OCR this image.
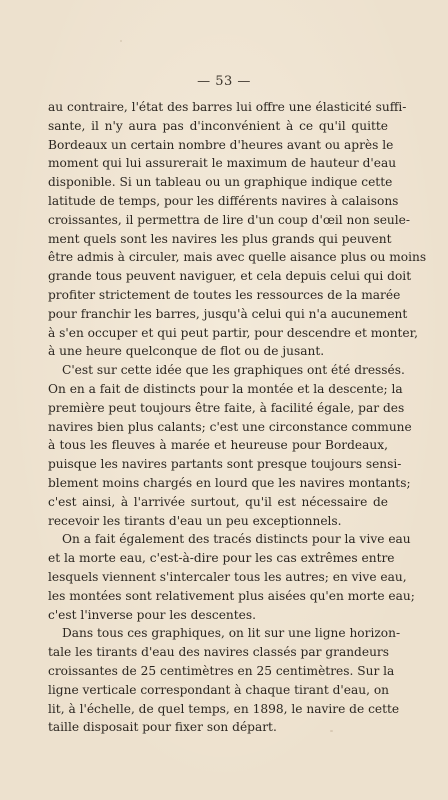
— 53 —
au contraire, l'état des barres lui offre une élasticité suffi-
sante, il n'y aura pas d'inconvénient à ce qu'il quitte
Bordeaux un certain nombre d'heures avant ou après le
moment qui lui assurerait le maximum de hauteur d'eau
disponible. Si un tableau ou un graphique indique cette
latitude de temps, pour les différents navires à calaisons
croissantes, il permettra de lire d'un coup d'œil non seule-
ment quels sont les navires les plus grands qui peuvent
être admis à circuler, mais avec quelle aisance plus ou moins
grande tous peuvent naviguer, et cela depuis celui qui doit
profiter strictement de toutes les ressources de la marée
pour franchir les barres, jusqu'à celui qui n'a aucunement
à s'en occuper et qui peut partir, pour descendre et monter,
à une heure quelconque de flot ou de jusant.
C'est sur cette idée que les graphiques ont été dressés.
On en a fait de distincts pour la montée et la descente; la
première peut toujours être faite, à facilité égale, par des
navires bien plus calants; c'est une circonstance commune
à tous les fleuves à marée et heureuse pour Bordeaux,
puisque les navires partants sont presque toujours sensi-
blement moins chargés en lourd que les navires montants;
c'est ainsi, à l'arrivée surtout, qu'il est nécessaire de
recevoir les tirants d'eau un peu exceptionnels.
On a fait également des tracés distincts pour la vive eau
et la morte eau, c'est-à-dire pour les cas extrêmes entre
lesquels viennent s'intercaler tous les autres; en vive eau,
les montées sont relativement plus aisées qu'en morte eau;
c'est l'inverse pour les descentes.
Dans tous ces graphiques, on lit sur une ligne horizon-
tale les tirants d'eau des navires classés par grandeurs
croissantes de 25 centimètres en 25 centimètres. Sur la
ligne verticale correspondant à chaque tirant d'eau, on
lit, à l'échelle, de quel temps, en 1898, le navire de cette
taille disposait pour fixer son départ.
